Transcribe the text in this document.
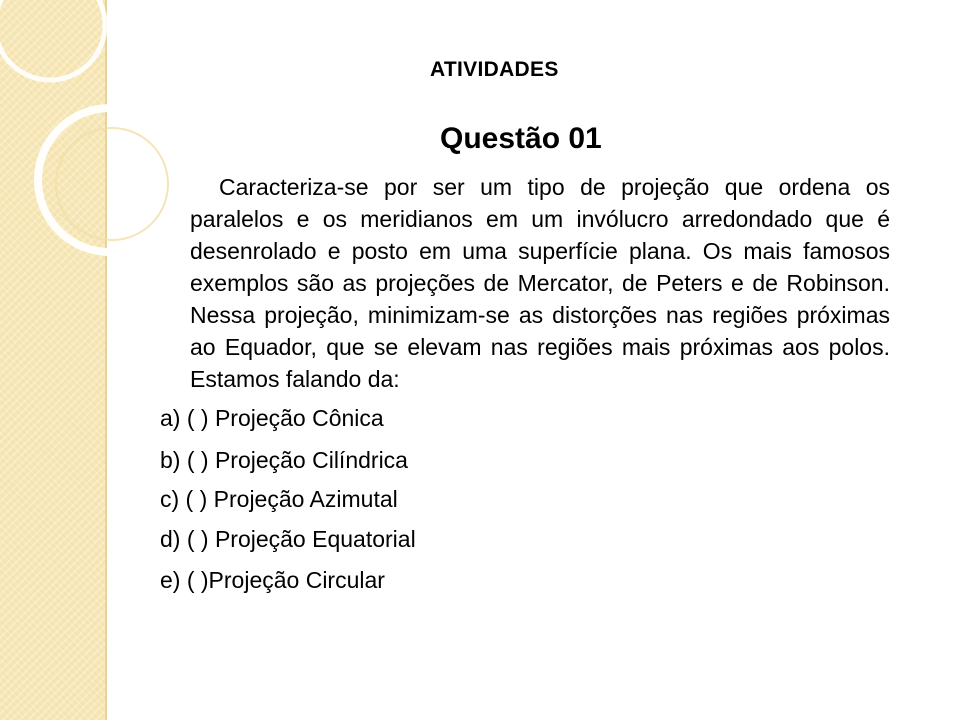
ATIVIDADES
Questão 01

Caracteriza-se por ser um tipo de projeção que ordena os paralelos e os meridianos em um invólucro arredondado que é desenrolado e posto em uma superfície plana. Os mais famosos exemplos são as projeções de Mercator, de Peters e de Robinson. Nessa projeção, minimizam-se as distorções nas regiões próximas ao Equador, que se elevam nas regiões mais próximas aos polos. Estamos falando da:

a) ( ) Projeção Cônica
b) ( ) Projeção Cilíndrica
c) ( ) Projeção Azimutal
d) ( ) Projeção Equatorial
e) ( )Projeção Circular
